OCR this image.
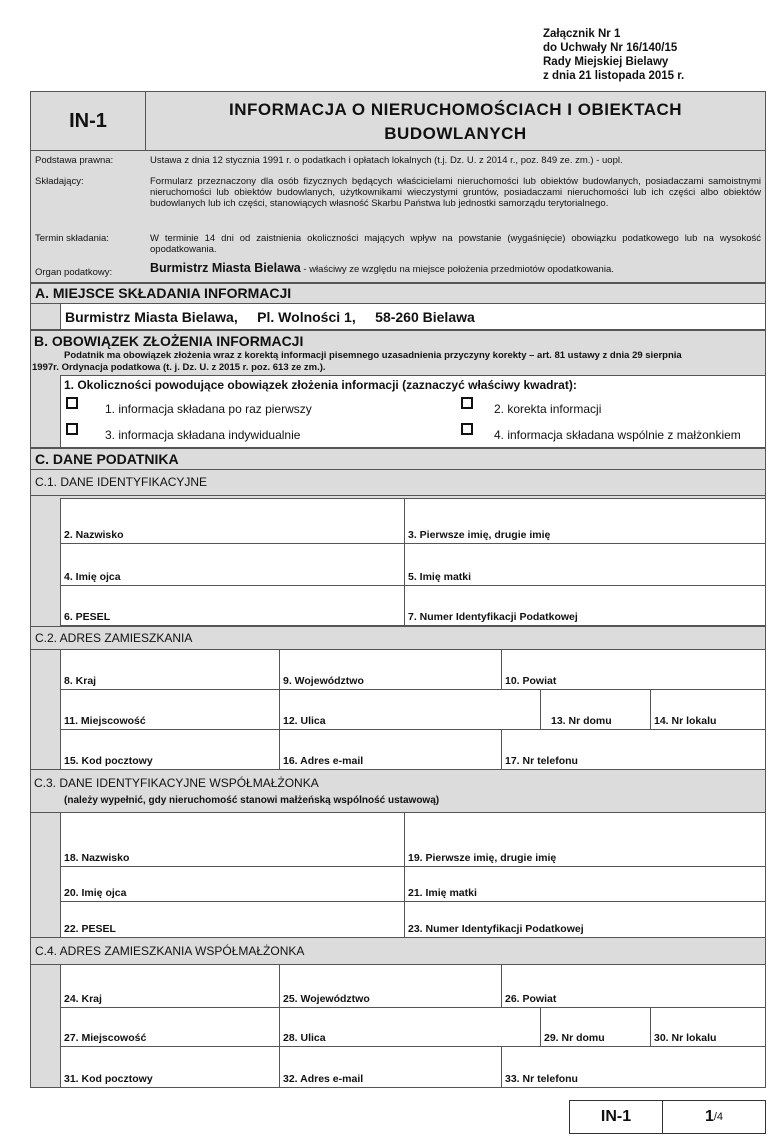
Załącznik Nr 1
do Uchwały Nr 16/140/15
Rady Miejskiej Bielawy
z dnia 21 listopada 2015 r.
IN-1	INFORMACJA O NIERUCHOMOŚCIACH I OBIEKTACH
BUDOWLANYCH
Podstawa prawna:	Ustawa z dnia 12 stycznia 1991 r. o podatkach i opłatach lokalnych (t.j. Dz. U. z 2014 r., poz. 849 ze. zm.) - uopl.
Składający:	Formularz przeznaczony dla osób fizycznych będących właścicielami nieruchomości lub obiektów budowlanych, posiadaczami samoistnymi nieruchomości lub obiektów budowlanych, użytkownikami wieczystymi gruntów, posiadaczami nieruchomości lub ich części albo obiektów budowlanych lub ich części, stanowiących własność Skarbu Państwa lub jednostki samorządu terytorialnego.
Termin składania:	W terminie 14 dni od zaistnienia okoliczności mających wpływ na powstanie (wygaśnięcie) obowiązku podatkowego lub na wysokość opodatkowania.
Organ podatkowy:	Burmistrz Miasta Bielawa - właściwy ze względu na miejsce położenia przedmiotów opodatkowania.
A. MIEJSCE SKŁADANIA INFORMACJI
Burmistrz Miasta Bielawa,     Pl. Wolności 1,     58-260 Bielawa
B. OBOWIĄZEK ZŁOŻENIA INFORMACJI
Podatnik ma obowiązek złożenia wraz z korektą informacji pisemnego uzasadnienia przyczyny korekty – art. 81 ustawy z dnia 29 sierpnia
1997r. Ordynacja podatkowa (t. j. Dz. U. z 2015 r. poz. 613 ze zm.).
1. Okoliczności powodujące obowiązek złożenia informacji (zaznaczyć właściwy kwadrat):
1. informacja składana po raz pierwszy	2. korekta informacji
3. informacja składana indywidualnie	4. informacja składana wspólnie z małżonkiem
C. DANE PODATNIKA
C.1. DANE IDENTYFIKACYJNE
2. Nazwisko	3. Pierwsze imię, drugie imię
4. Imię ojca	5. Imię matki
6. PESEL	7. Numer Identyfikacji Podatkowej
C.2. ADRES ZAMIESZKANIA
8. Kraj	9. Województwo	10. Powiat
11. Miejscowość	12. Ulica	13. Nr domu	14. Nr lokalu
15. Kod pocztowy	16. Adres e-mail	17. Nr telefonu
C.3. DANE IDENTYFIKACYJNE WSPÓŁMAŁŻONKA
(należy wypełnić, gdy nieruchomość stanowi małżeńską wspólność ustawową)
18. Nazwisko	19. Pierwsze imię, drugie imię
20. Imię ojca	21. Imię matki
22. PESEL	23. Numer Identyfikacji Podatkowej
C.4. ADRES ZAMIESZKANIA WSPÓŁMAŁŻONKA
24. Kraj	25. Województwo	26. Powiat
27. Miejscowość	28. Ulica	29. Nr domu	30. Nr lokalu
31. Kod pocztowy	32. Adres e-mail	33. Nr telefonu
IN-1	1 /4
